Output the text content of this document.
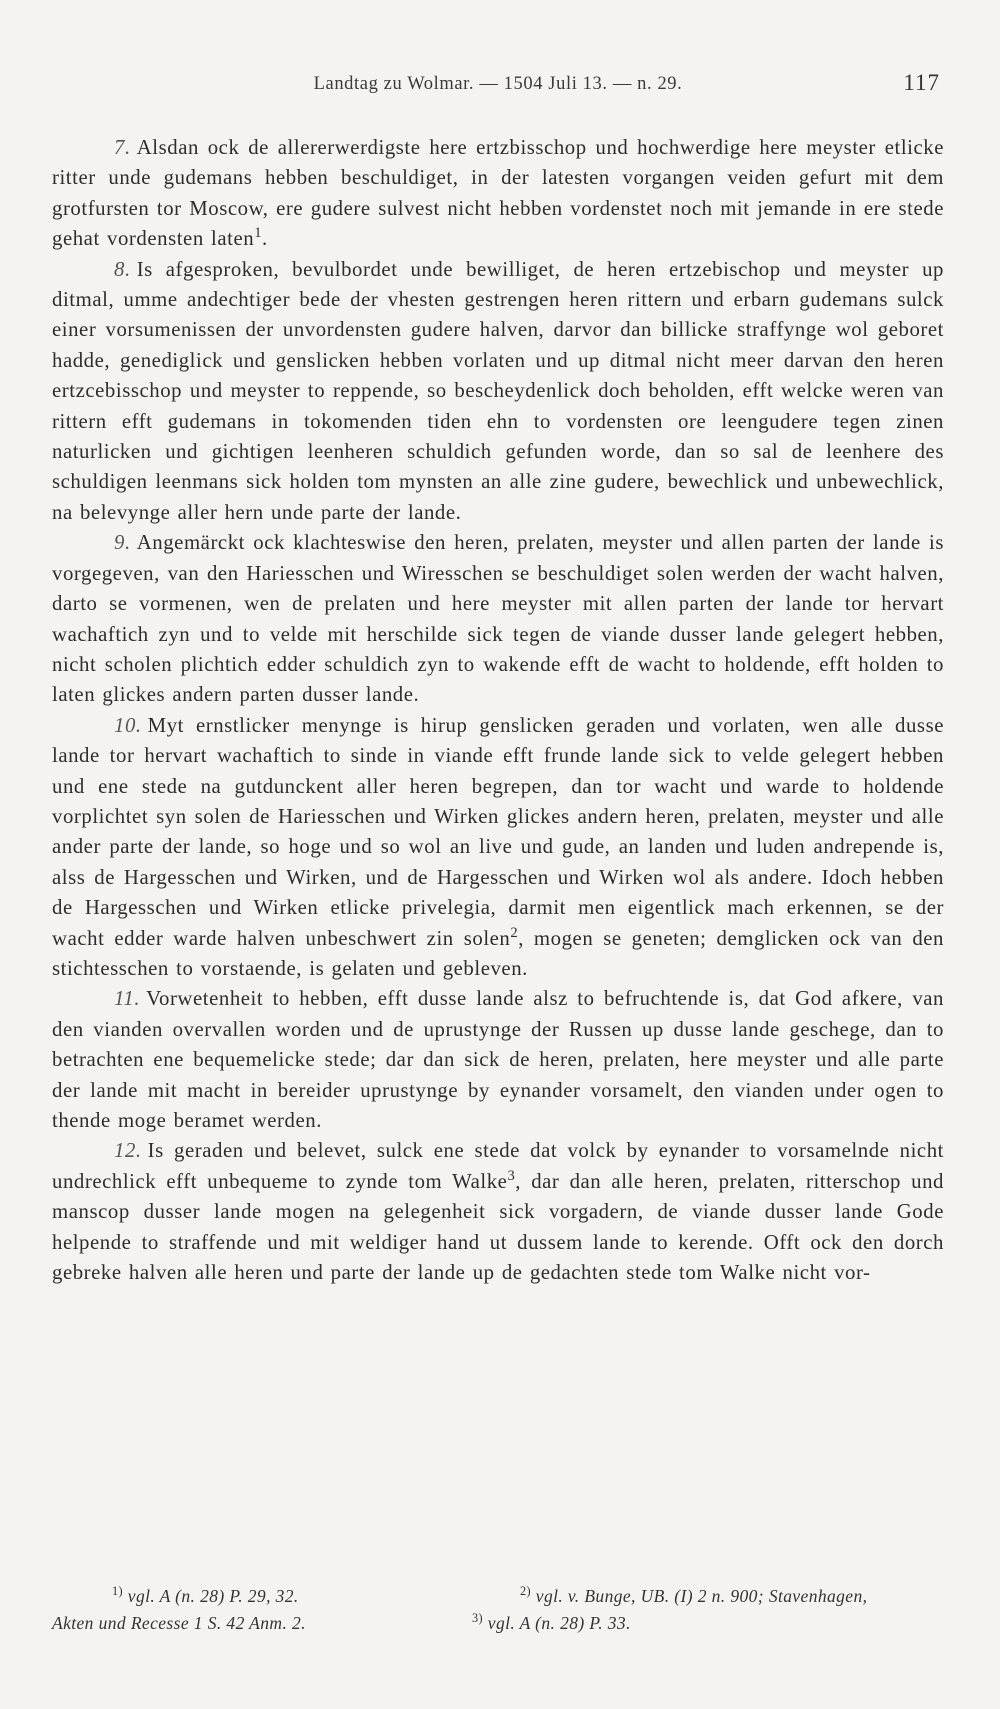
Landtag zu Wolmar. — 1504 Juli 13. — n. 29.	117

7. Alsdan ock de allererwerdigste here ertzbisschop und hochwerdige here meyster etlicke ritter unde gudemans hebben beschuldiget, in der latesten vorgangen veiden gefurt mit dem grotfursten tor Moscow, ere gudere sulvest nicht hebben vordenstet noch mit jemande in ere stede gehat vordensten laten$^1$.

8. Is afgesproken, bevulbordet unde bewilliget, de heren ertzebischop und meyster up ditmal, umme andechtiger bede der vhesten gestrengen heren rittern und erbarn gudemans sulck einer vorsumenissen der unvordensten gudere halven, darvor dan billicke straffynge wol geboret hadde, genediglick und genslicken hebben vorlaten und up ditmal nicht meer darvan den heren ertzcebisschop und meyster to reppende, so bescheydenlick doch beholden, efft welcke weren van rittern efft gudemans in tokomenden tiden ehn to vordensten ore leengudere tegen zinen naturlicken und gichtigen leenheren schuldich gefunden worde, dan so sal de leenhere des schuldigen leenmans sick holden tom mynsten an alle zine gudere, bewechlick und unbewechlick, na belevynge aller hern unde parte der lande.

9. Angemärckt ock klachteswise den heren, prelaten, meyster und allen parten der lande is vorgegeven, van den Hariesschen und Wiresschen se beschuldiget solen werden der wacht halven, darto se vormenen, wen de prelaten und here meyster mit allen parten der lande tor hervart wachaftich zyn und to velde mit herschilde sick tegen de viande dusser lande gelegert hebben, nicht scholen plichtich edder schuldich zyn to wakende efft de wacht to holdende, efft holden to laten glickes andern parten dusser lande.

10. Myt ernstlicker menynge is hirup genslicken geraden und vorlaten, wen alle dusse lande tor hervart wachaftich to sinde in viande efft frunde lande sick to velde gelegert hebben und ene stede na gutdunckent aller heren begrepen, dan tor wacht und warde to holdende vorplichtet syn solen de Hariesschen und Wirken glickes andern heren, prelaten, meyster und alle ander parte der lande, so hoge und so wol an live und gude, an landen und luden andrepende is, alss de Hargesschen und Wirken, und de Hargesschen und Wirken wol als andere. Idoch hebben de Hargesschen und Wirken etlicke privelegia, darmit men eigentlick mach erkennen, se der wacht edder warde halven unbeschwert zin solen$^2$, mogen se geneten; demglicken ock van den stichtesschen to vorstaende, is gelaten und gebleven.

11. Vorwetenheit to hebben, efft dusse lande alsz to befruchtende is, dat God afkere, van den vianden overvallen worden und de uprustynge der Russen up dusse lande geschege, dan to betrachten ene bequemelicke stede; dar dan sick de heren, prelaten, here meyster und alle parte der lande mit macht in bereider uprustynge by eynander vorsamelt, den vianden under ogen to thende moge beramet werden.

12. Is geraden und belevet, sulck ene stede dat volck by eynander to vorsamelnde nicht undrechlick efft unbequeme to zynde tom Walke$^3$, dar dan alle heren, prelaten, ritterschop und manscop dusser lande mogen na gelegenheit sick vorgadern, de viande dusser lande Gode helpende to straffende und mit weldiger hand ut dussem lande to kerende. Offt ock den dorch gebreke halven alle heren und parte der lande up de gedachten stede tom Walke nicht vor-

$^{1)}$ vgl. A (n. 28) P. 29, 32.
Akten und Recesse 1 S. 42 Anm. 2.
$^{2)}$ vgl. v. Bunge, UB. (I) 2 n. 900; Stavenhagen,
$^{3)}$ vgl. A (n. 28) P. 33.
